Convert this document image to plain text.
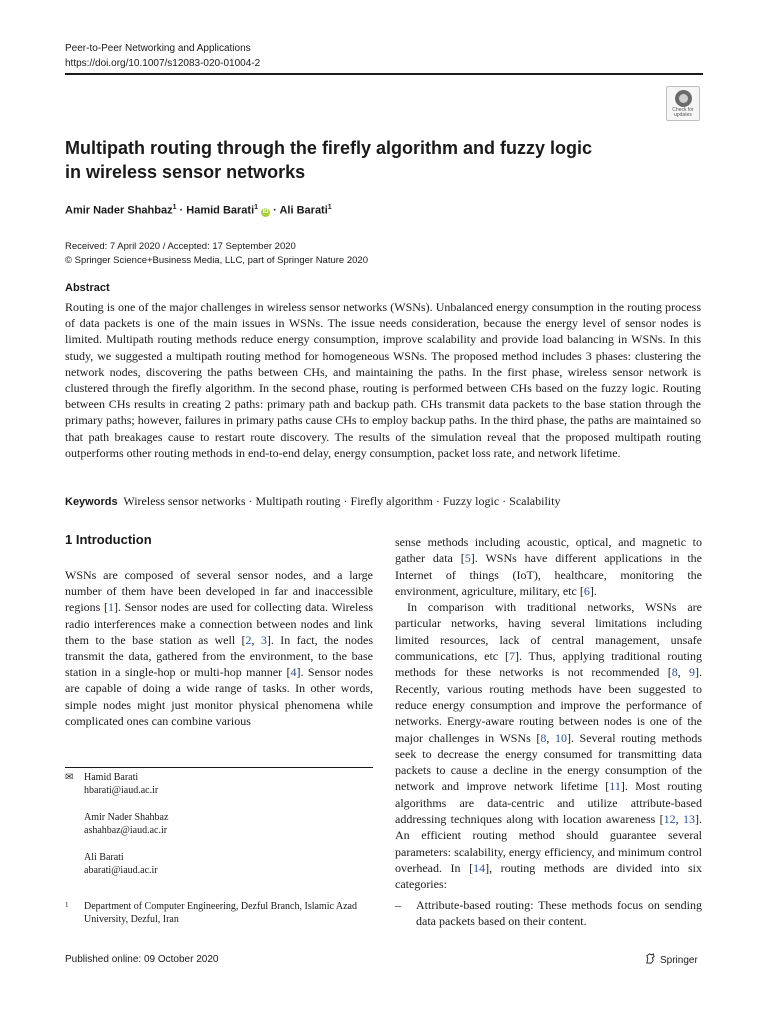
Peer-to-Peer Networking and Applications
https://doi.org/10.1007/s12083-020-01004-2
Check for updates
Multipath routing through the firefly algorithm and fuzzy logic
in wireless sensor networks
Amir Nader Shahbaz$^1$ · Hamid Barati$^1$ iD · Ali Barati$^1$
Received: 7 April 2020 / Accepted: 17 September 2020
© Springer Science+Business Media, LLC, part of Springer Nature 2020
Abstract
Routing is one of the major challenges in wireless sensor networks (WSNs). Unbalanced energy consumption in the routing process of data packets is one of the main issues in WSNs. The issue needs consideration, because the energy level of sensor nodes is limited. Multipath routing methods reduce energy consumption, improve scalability and provide load balancing in WSNs. In this study, we suggested a multipath routing method for homogeneous WSNs. The proposed method includes 3 phases: clustering the network nodes, discovering the paths between CHs, and maintaining the paths. In the first phase, wireless sensor network is clustered through the firefly algorithm. In the second phase, routing is performed between CHs based on the fuzzy logic. Routing between CHs results in creating 2 paths: primary path and backup path. CHs transmit data packets to the base station through the primary paths; however, failures in primary paths cause CHs to employ backup paths. In the third phase, the paths are maintained so that path breakages cause to restart route discovery. The results of the simulation reveal that the proposed multipath routing outperforms other routing methods in end-to-end delay, energy consumption, packet loss rate, and network lifetime.
Keywords Wireless sensor networks · Multipath routing · Firefly algorithm · Fuzzy logic · Scalability
1 Introduction

WSNs are composed of several sensor nodes, and a large number of them have been developed in far and inaccessible regions [1]. Sensor nodes are used for collecting data. Wireless radio interferences make a connection between nodes and link them to the base station as well [2, 3]. In fact, the nodes transmit the data, gathered from the environment, to the base station in a single-hop or multi-hop manner [4]. Sensor nodes are capable of doing a wide range of tasks. In other words, simple nodes might just monitor physical phenomena while complicated ones can combine various

sense methods including acoustic, optical, and magnetic to gather data [5]. WSNs have different applications in the Internet of things (IoT), healthcare, monitoring the environment, agriculture, military, etc [6].

In comparison with traditional networks, WSNs are particular networks, having several limitations including limited resources, lack of central management, unsafe communications, etc [7]. Thus, applying traditional routing methods for these networks is not recommended [8, 9]. Recently, various routing methods have been suggested to reduce energy consumption and improve the performance of networks. Energy-aware routing between nodes is one of the major challenges in WSNs [8, 10]. Several routing methods seek to decrease the energy consumed for transmitting data packets to cause a decline in the energy consumption of the network and improve network lifetime [11]. Most routing algorithms are data-centric and utilize attribute-based addressing techniques along with location awareness [12, 13]. An efficient routing method should guarantee several parameters: scalability, energy efficiency, and minimum control overhead. In [14], routing methods are divided into six categories:

– Attribute-based routing: These methods focus on sending data packets based on their content.
✉ Hamid Barati
hbarati@iaud.ac.ir
Amir Nader Shahbaz
ashahbaz@iaud.ac.ir
Ali Barati
abarati@iaud.ac.ir
1 Department of Computer Engineering, Dezful Branch, Islamic Azad University, Dezful, Iran
Published online: 09 October 2020	Springer
